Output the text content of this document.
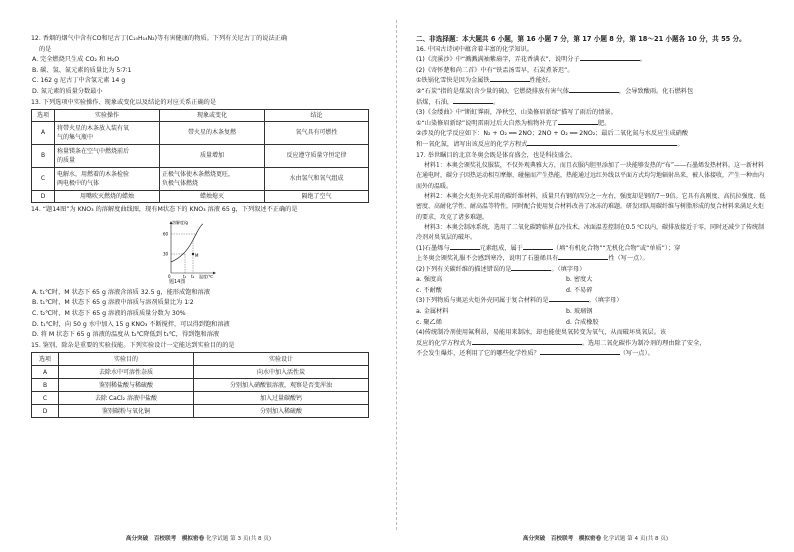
12. 香烟的烟气中含有CO和尼古丁(C₁₀H₁₄N₂)等有害健康的物质。下列有关尼古丁的说法正确

的是

A. 完全燃烧只生成 CO₂ 和 H₂O

B. 碳、氢、氮元素的质量比为 5∶7∶1

C. 162 g 尼古丁中含氢元素 14 g

D. 氮元素的质量分数最小

13. 下列选项中实验操作、现象或变化以及结论的对应关系正确的是

选项	实验操作	现象或变化	结论
A	将带火星的木条放入装有氧
气的集气瓶中	带火星的木条复燃	氧气具有可燃性
B	称量镁条在空气中燃烧前后
的质量	质量增加	反应遵守质量守恒定律
C	电解水，用燃着的木条检验
两电极中的气体	正极气体使木条燃烧更旺，
负极气体燃烧	水由氢气和氧气组成
D	用嘴吹灭燃烧的蜡烛	蜡烛熄灭	隔绝了空气

14. “题14图”为 KNO₃ 的溶解度曲线图，现有M状态下的 KNO₃ 溶液 65 g，下列叙述不正确的是

溶解度/g
60
30
0	t₁ t₂ 温度/℃
M
题14图

A. t₁℃时，M 状态下 65 g 溶液含溶质 32.5 g，能形成饱和溶液

B. t₁℃时，M 状态下 65 g 溶液中溶质与溶剂质量比为 1∶2

C. t₂℃时，M 状态下 65 g 溶液的溶质质量分数为 30%

D. t₁℃时，向 50 g 水中加入 15 g KNO₃ 不断搅拌，可以得到饱和溶液

D. 将 M 状态下 65 g 溶液的温度从 t₂℃降低到 t₁℃，得到饱和溶液

15. 鉴别、除杂是重要的实验技能。下列实验设计一定能达到实验目的的是

选项	实验目的	实验设计
A	去除水中可溶性杂质	向水中加入活性炭
B	鉴别稀盐酸与稀硫酸	分别加入硝酸银溶液，观察是否变浑浊
C	去除 CaCl₂ 溶液中盐酸	加入过量碳酸钙
D	鉴别碳粉与氧化铜	分别加入稀硫酸
高分突破　百校联考　模拟密卷 化学试题 第 3 页(共 8 页)

二、非选择题：本大题共 6 小题，第 16 小题 7 分，第 17 小题 8 分，第 18～21 小题各 10 分，共 55 分。

16. 中国古诗词中蕴含着丰富的化学知识。

(1)《浣溪沙》中“溅溅满袖紫扇字，弄花香满衣”，说明分子	。

(2)《寄怀楚和尚二首》中有“铁盂汤雪早，石炭煮茶迟”。

①铁锅化雪快是因为金属铁	性能好。

②“石炭”指的是煤炭(含少量的硫)，它燃烧排放有害气体	，会导致酸雨。化石燃料包

括煤，石油，	。

(3)《金缕曲》中“断虹霁雨，净秋空，山染修眉新绿”描写了雨后的情景。

①“山染修眉新绿”说明雷雨过后大自然为植物补充了	肥。

②涉及的化学反应如下：N₂ + O₂ ══ 2NO；2NO + O₂ ══ 2NO₂；最后二氧化氮与水反应生成硝酸

和一氧化氮，请写出该反应的化学方程式	。

17. 举世瞩目的北京冬奥会既是体育盛会，也是科技盛会。

材料1：本奥会颁奖礼仪服装，不仅外观典雅大方，而且衣服内胆里添加了一块能够发热的“布”——石墨烯发热材料。这一新材料在通电时，碳分子因热运动相互摩擦、碰撞而产生热能，热能通过远红外线以平面方式均匀地辐射出来，被人体接收，产生一种由内而外的温暖。

材料2：本奥会火炬外壳采用的碳纤维材料，质量只有钢的四分之一左右，强度却是钢的7～9倍。它具有高刚度、高抗拉强度、低密度、高耐化学性、耐高温等特性，同时配合使用复合材料改善了冰冻的难题。研发团队用碳纤维与树脂形成的复合材料来满足火炬的要求，攻克了诸多难题。

材料3：本奥会制冰系统，选用了二氧化碳跨临界直冷技术，冰面温差控制在0.5 ℃以内，碳排放接近于零，同时还减少了传统制冷剂对臭氧层的破坏。

(1)石墨烯与	元素组成，属于	（填“有机化合物”“无机化合物”或“单质”）；穿

上冬奥会颁奖礼服不会感到寒冷，说明了石墨烯具有	性（写一点）。

(2)下列有关碳纤维的描述错误的是	。（填字母）

a. 强度高	b. 密度大

c. 不耐酸	d. 不易碎

(3)下列物质与奥运火炬外壳同属于复合材料的是	。（填字母）

a. 金属材料	b. 玻璃钢

c. 聚乙烯	d. 合成橡胶

(4)传统制冷剂使用氟利昂，易能用来制冰，却也能使臭氧转变为氧气，从而破坏臭氧层。该

反应的化学方程式为	。选用二氧化碳作为制冷剂的理由除了安全，

不会发生爆炸，还利用了它的哪些化学性质？	（写一点）。

高分突破　百校联考　模拟密卷 化学试题 第 4 页(共 8 页)
